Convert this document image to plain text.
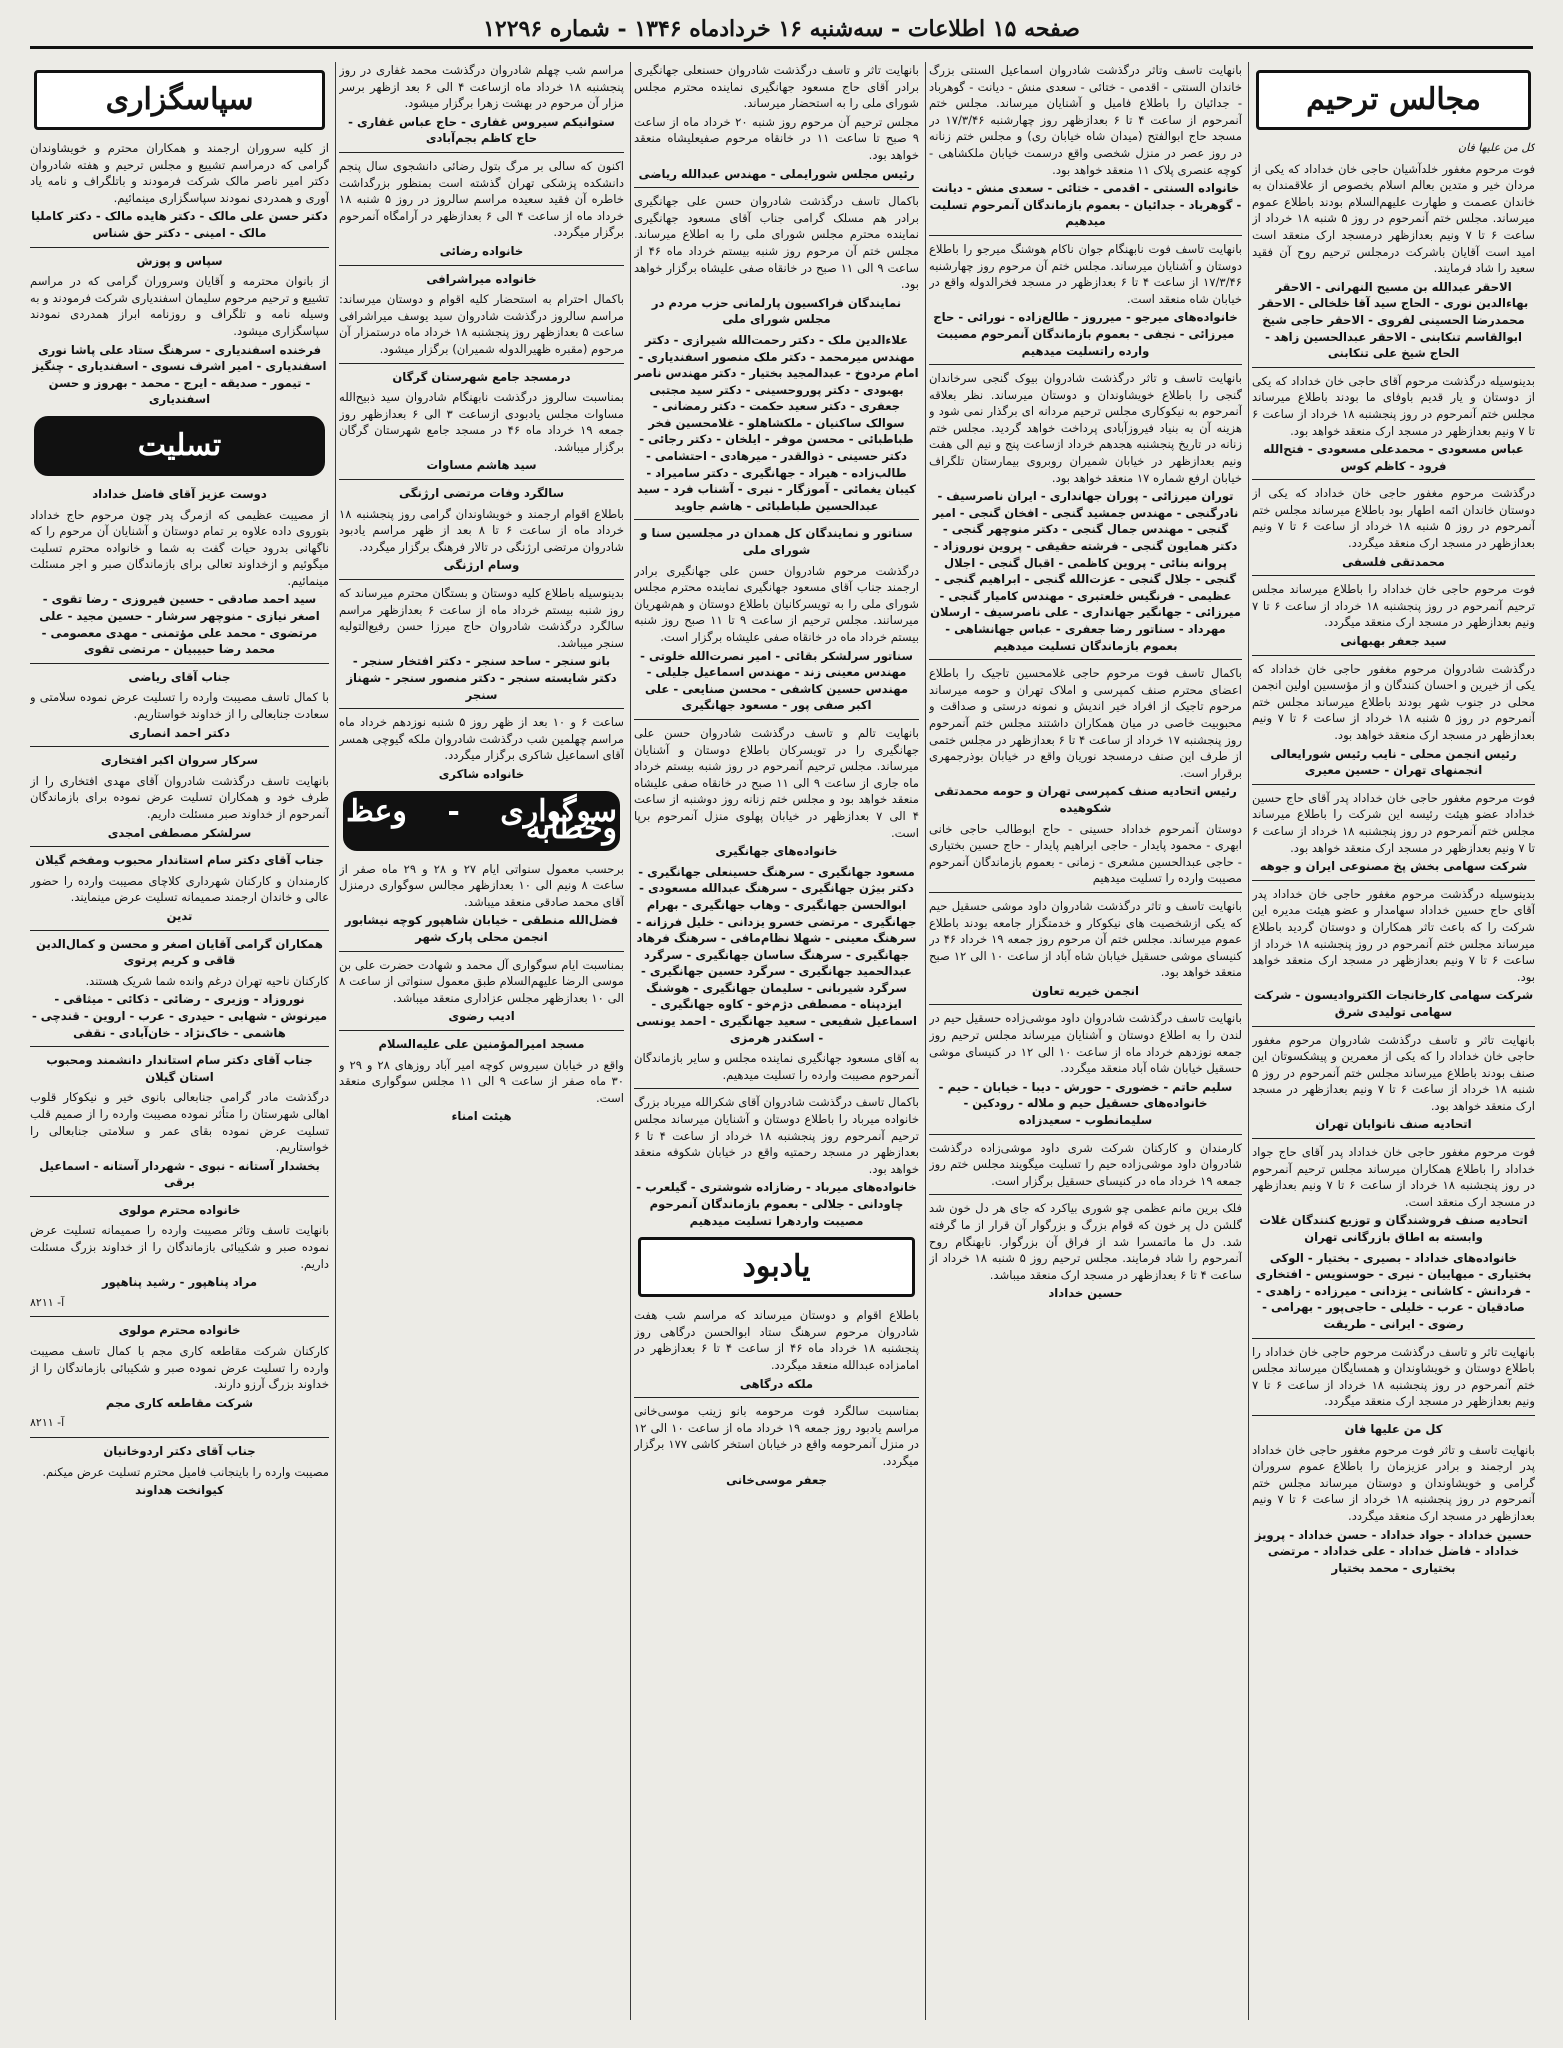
صفحه ۱۵ اطلاعات - سه‌شنبه ۱۶ خردادماه ۱۳۴۶ - شماره ۱۲۲۹۶
مجالس ترحیم
کل من علیها فان
فوت مرحوم مغفور خلدآشیان حاجی خان خداداد که یکی از مردان خیر و متدین بعالم اسلام بخصوص از علاقمندان به خاندان عصمت و طهارت علیهم‌السلام بودند باطلاع عموم میرساند. مجلس ختم آنمرحوم در روز ۵ شنبه ۱۸ خرداد از ساعت ۶ تا ۷ ونیم بعدازظهر درمسجد ارک منعقد است امید است آقایان باشرکت درمجلس ترحیم روح آن فقید سعید را شاد فرمایند.
الاحقر عبدالله بن مسیح النهرانی - الاحقر بهاءالدین نوری - الحاج سید آقا خلخالی - الاحقر محمدرضا الحسینی لفروی - الاحقر حاجی شیخ ابوالقاسم تنکابنی - الاحقر عبدالحسین زاهد - الحاج شیخ علی تنکابنی
بدینوسیله درگذشت مرحوم آقای حاجی خان خداداد که یکی از دوستان و یار قدیم باوفای ما بودند باطلاع میرساند مجلس ختم آنمرحوم در روز پنجشنبه ۱۸ خرداد از ساعت ۶ تا ۷ ونیم بعدازظهر در مسجد ارک منعقد خواهد بود.
عباس مسعودی - محمدعلی مسعودی - فتح‌الله فرود - کاظم کوس
درگذشت مرحوم مغفور حاجی خان خداداد که یکی از دوستان خاندان ائمه اطهار بود باطلاع میرساند مجلس ختم آنمرحوم در روز ۵ شنبه ۱۸ خرداد از ساعت ۶ تا ۷ ونیم بعدازظهر در مسجد ارک منعقد میگردد.
محمدتقی فلسفی
فوت مرحوم حاجی خان خداداد را باطلاع میرساند مجلس ترحیم آنمرحوم در روز پنجشنبه ۱۸ خرداد از ساعت ۶ تا ۷ ونیم بعدازظهر در مسجد ارک منعقد میگردد.
سید جعفر بهبهانی
درگذشت شادروان مرحوم مغفور حاجی خان خداداد که یکی از خیرین و احسان کنندگان و از مؤسسین اولین انجمن محلی در جنوب شهر بودند باطلاع میرساند مجلس ختم آنمرحوم در روز ۵ شنبه ۱۸ خرداد از ساعت ۶ تا ۷ ونیم بعدازظهر در مسجد ارک منعقد خواهد بود.
رئیس انجمن محلی - نایب رئیس شورایعالی انجمنهای تهران - حسین معیری
فوت مرحوم مغفور حاجی خان خداداد پدر آقای حاج حسین خداداد عضو هیئت رئیسه این شرکت را باطلاع میرساند مجلس ختم آنمرحوم در روز پنجشنبه ۱۸ خرداد از ساعت ۶ تا ۷ ونیم بعدازظهر در مسجد ارک منعقد خواهد بود.
شرکت سهامی بخش پخ مصنوعی ایران و جوهه
بدینوسیله درگذشت مرحوم مغفور حاجی خان خداداد پدر آقای حاج حسین خداداد سهامدار و عضو هیئت مدیره این شرکت را که باعث تاثر همکاران و دوستان گردید باطلاع میرساند مجلس ختم آنمرحوم در روز پنجشنبه ۱۸ خرداد از ساعت ۶ تا ۷ ونیم بعدازظهر در مسجد ارک منعقد خواهد بود.
شرکت سهامی کارخانجات الکتروادیسون - شرکت سهامی تولیدی شرق
بانهایت تاثر و تاسف درگذشت شادروان مرحوم مغفور حاجی خان خداداد را که یکی از معمرین و پیشکسوتان این صنف بودند باطلاع میرساند مجلس ختم آنمرحوم در روز ۵ شنبه ۱۸ خرداد از ساعت ۶ تا ۷ ونیم بعدازظهر در مسجد ارک منعقد خواهد بود.
اتحادیه صنف نانوایان تهران
فوت مرحوم مغفور حاجی خان خداداد پدر آقای حاج جواد خداداد را باطلاع همکاران میرساند مجلس ترحیم آنمرحوم در روز پنجشنبه ۱۸ خرداد از ساعت ۶ تا ۷ ونیم بعدازظهر در مسجد ارک منعقد است.
اتحادیه صنف فروشندگان و توزیع کنندگان غلات وابسته به اطاق بازرگانی تهران
خانواده‌های خداداد - بصیری - بختیار - الوکی بختیاری - میهاییان - نیری - حوسنویس - افتخاری - فردانش - کاشانی - یزدانی - میرزاده - زاهدی - صادقیان - عرب - خلیلی - حاجی‌پور - بهرامی - رضوی - ایرانی - طریقت
بانهایت تاثر و تاسف درگذشت مرحوم حاجی خان خداداد را باطلاع دوستان و خویشاوندان و همسایگان میرساند مجلس ختم آنمرحوم در روز پنجشنبه ۱۸ خرداد از ساعت ۶ تا ۷ ونیم بعدازظهر در مسجد ارک منعقد میگردد.
کل من علیها فان
بانهایت تاسف و تاثر فوت مرحوم مغفور حاجی خان خداداد پدر ارجمند و برادر عزیزمان را باطلاع عموم سروران گرامی و خویشاوندان و دوستان میرساند مجلس ختم آنمرحوم در روز پنجشنبه ۱۸ خرداد از ساعت ۶ تا ۷ ونیم بعدازظهر در مسجد ارک منعقد میگردد.
حسین خداداد - جواد خداداد - حسن خداداد - پرویز خداداد - فاضل خداداد - علی خداداد - مرتضی بختیاری - محمد بختیار
بانهایت تاسف وتاثر درگذشت شادروان اسماعیل السنتی بزرگ خاندان السنتی - اقدمی - ختائی - سعدی منش - دیانت - گوهرباد - جدائیان را باطلاع فامیل و آشنایان میرساند. مجلس ختم آنمرحوم از ساعت ۴ تا ۶ بعدازظهر روز چهارشنبه ۱۷/۳/۴۶ در مسجد حاج ابوالفتح (میدان شاه خیابان ری) و مجلس ختم زنانه در روز عصر در منزل شخصی واقع درسمت خیابان ملکشاهی - کوچه عنصری پلاک ۱۱ منعقد خواهد بود.
خانواده السنتی - اقدمی - ختائی - سعدی منش - دیانت - گوهرباد - جدائیان - بعموم بازماندگان آنمرحوم تسلیت میدهیم
بانهایت تاسف فوت نابهنگام جوان ناکام هوشنگ میرجو را باطلاع دوستان و آشنایان میرساند. مجلس ختم آن مرحوم روز چهارشنبه ۱۷/۳/۴۶ از ساعت ۴ تا ۶ بعدازظهر در مسجد فخرالدوله واقع در خیابان شاه منعقد است.
خانواده‌های میرجو - میرروز - طالع‌زاده - نورائی - حاج میرزائی - نجفی - بعموم بازماندگان آنمرحوم مصیبت وارده راتسلیت میدهیم
بانهایت تاسف و تاثر درگذشت شادروان بیوک گنجی سرخاندان گنجی را باطلاع خویشاوندان و دوستان میرساند. نظر بعلاقه آنمرحوم به نیکوکاری مجلس ترحیم مردانه ای برگذار نمی شود و هزینه آن به بنیاد فیروزآبادی پرداخت خواهد گردید. مجلس ختم زنانه در تاریخ پنجشنبه هجدهم خرداد ازساعت پنج و نیم الی هفت ونیم بعدازظهر در خیابان شمیران روبروی بیمارستان تلگراف خیابان ارفع شماره ۱۷ منعقد خواهد بود.
توران میرزائی - پوران جهانداری - ایران ناصرسیف - نادرگنجی - مهندس جمشید گنجی - افخان گنجی - امیر گنجی - مهندس جمال گنجی - دکتر منوچهر گنجی - دکتر همایون گنجی - فرشته حقیقی - پروین نوروزاد - پروانه بنائی - پروین کاظمی - اقبال گنجی - اجلال گنجی - جلال گنجی - عزت‌الله گنجی - ابراهیم گنجی - عظیمی - فرنگیس خلعتبری - مهندس کامیار گنجی - میرزائی - جهانگیر جهانداری - علی ناصرسیف - ارسلان مهرداد - سناتور رضا جعفری - عباس جهانشاهی - بعموم بازماندگان تسلیت میدهیم
باکمال تاسف فوت مرحوم حاجی غلامحسین تاجیک را باطلاع اعضای محترم صنف کمپرسی و املاک تهران و حومه میرساند مرحوم تاجیک از افراد خیر اندیش و نمونه درستی و صداقت و محبوبیت خاصی در میان همکاران داشتند مجلس ختم آنمرحوم روز پنجشنبه ۱۷ خرداد از ساعت ۴ تا ۶ بعدازظهر در مجلس ختمی از طرف این صنف درمسجد نوریان واقع در خیابان بوذرجمهری برقرار است.
رئیس اتحادیه صنف کمپرسی تهران و حومه محمدتقی شکوهیده
دوستان آنمرحوم خداداد حسینی - حاج ابوطالب حاجی خانی ابهری - محمود پایدار - حاجی ابراهیم پایدار - حاج حسین بختیاری - حاجی عبدالحسین مشعری - زمانی - بعموم بازماندگان آنمرحوم مصیبت وارده را تسلیت میدهیم
بانهایت تاسف و تاثر درگذشت شادروان داود موشی حسقیل حیم که یکی ازشخصیت های نیکوکار و خدمتگزار جامعه بودند باطلاع عموم میرساند. مجلس ختم آن مرحوم روز جمعه ۱۹ خرداد ۴۶ در کنیسای موشی حسقیل خیابان شاه آباد از ساعت ۱۰ الی ۱۲ صبح منعقد خواهد بود.
انجمن خیریه تعاون
بانهایت تاسف درگذشت شادروان داود موشی‌زاده حسقیل حیم در لندن را به اطلاع دوستان و آشنایان میرساند مجلس ترحیم روز جمعه نوزدهم خرداد ماه از ساعت ۱۰ الی ۱۲ در کنیسای موشی حسقیل خیابان شاه آباد منعقد میگردد.
سلیم حاتم - خضوری - حورش - دیبا - خیابان - حیم - خانواده‌های حسقیل حیم و ملاله - رودکین - سلیمانطوب - سعیدزاده
کارمندان و کارکنان شرکت شری داود موشی‌زاده درگذشت شادروان داود موشی‌زاده حیم را تسلیت میگویند مجلس ختم روز جمعه ۱۹ خرداد ماه در کنیسای حسقیل برگزار است.
فلک برین مانم عظمی چو شوری بیاکرد که جای هر دل خون شد گلشن دل پر خون که قوام بزرگ و بزرگوار آن قرار از ما گرفته شد. دل ما ماتمسرا شد از فراق آن بزرگوار. نابهنگام روح آنمرحوم را شاد فرمایند. مجلس ترحیم روز ۵ شنبه ۱۸ خرداد از ساعت ۴ تا ۶ بعدازظهر در مسجد ارک منعقد میباشد.
حسین خداداد
بانهایت تاثر و تاسف درگذشت شادروان حسنعلی جهانگیری برادر آقای حاج مسعود جهانگیری نماینده محترم مجلس شورای ملی را به استحضار میرساند.
مجلس ترحیم آن مرحوم روز شنبه ۲۰ خرداد ماه از ساعت ۹ صبح تا ساعت ۱۱ در خانقاه مرحوم صفیعلیشاه منعقد خواهد بود.
رئیس مجلس شورایملی - مهندس عبدالله ریاضی
باکمال تاسف درگذشت شادروان حسن علی جهانگیری برادر هم مسلک گرامی جناب آقای مسعود جهانگیری نماینده محترم مجلس شورای ملی را به اطلاع میرساند. مجلس ختم آن مرحوم روز شنبه بیستم خرداد ماه ۴۶ از ساعت ۹ الی ۱۱ صبح در خانقاه صفی علیشاه برگزار خواهد بود.
نمایندگان فراکسیون پارلمانی حزب مردم در مجلس شورای ملی
علاءالدین ملک - دکتر رحمت‌الله شیرازی - دکتر مهندس میرمحمد - دکتر ملک منصور اسفندیاری - امام مردوخ - عبدالمجید بختیار - دکتر مهندس ناصر بهبودی - دکتر پوروحسینی - دکتر سید مجتبی جعفری - دکتر سعید حکمت - دکتر رمضانی - سوالک ساکنیان - ملکشاهلو - غلامحسین فخر طباطبائی - محسن موفر - ایلخان - دکتر رجائی - دکتر حسینی - ذوالقدر - میرهادی - احتشامی - طالب‌زاده - هیراد - جهانگیری - دکتر سامیراد - کیبان یغمائی - آموزگار - نیری - آشناب فرد - سید عبدالحسین طباطبائی - هاشم جاوید
سناتور و نمایندگان کل همدان در مجلسین سنا و شورای ملی
درگذشت مرحوم شادروان حسن علی جهانگیری برادر ارجمند جناب آقای مسعود جهانگیری نماینده محترم مجلس شورای ملی را به تویسرکانیان باطلاع دوستان و هم‌شهریان میرسانند. مجلس ترحیم از ساعت ۹ تا ۱۱ صبح روز شنبه بیستم خرداد ماه در خانقاه صفی علیشاه برگزار است.
سناتور سرلشکر بقائی - امیر نصرت‌الله خلوتی - مهندس معینی زند - مهندس اسماعیل جلیلی - مهندس حسین کاشفی - محسن صنایعی - علی اکبر صفی پور - مسعود جهانگیری
بانهایت تالم و تاسف درگذشت شادروان حسن علی جهانگیری را در تویسرکان باطلاع دوستان و آشنایان میرساند. مجلس ترحیم آنمرحوم در روز شنبه بیستم خرداد ماه جاری از ساعت ۹ الی ۱۱ صبح در خانقاه صفی علیشاه منعقد خواهد بود و مجلس ختم زنانه روز دوشنبه از ساعت ۴ الی ۷ بعدازظهر در خیابان پهلوی منزل آنمرحوم برپا است.
خانواده‌های جهانگیری
مسعود جهانگیری - سرهنگ حسینعلی جهانگیری - دکتر بیژن جهانگیری - سرهنگ عبدالله مسعودی - ابوالحسن جهانگیری - وهاب جهانگیری - بهرام جهانگیری - مرتضی خسرو یزدانی - خلیل فرزانه - سرهنگ معینی - شهلا نظام‌مافی - سرهنگ فرهاد جهانگیری - سرهنگ ساسان جهانگیری - سرگرد عبدالحمید جهانگیری - سرگرد حسین جهانگیری - سرگرد شیربانی - سلیمان جهانگیری - هوشنگ ایزدپناه - مصطفی دژم‌خو - کاوه جهانگیری - اسماعیل شفیعی - سعید جهانگیری - احمد یونسی - اسکندر هرمزی
به آقای مسعود جهانگیری نماینده مجلس و سایر بازماندگان آنمرحوم مصیبت وارده را تسلیت میدهیم.
باکمال تاسف درگذشت شادروان آقای شکرالله میرباد بزرگ خانواده میرباد را باطلاع دوستان و آشنایان میرساند مجلس ترحیم آنمرحوم روز پنجشنبه ۱۸ خرداد از ساعت ۴ تا ۶ بعدازظهر در مسجد رحمتیه واقع در خیابان شکوفه منعقد خواهد بود.
خانواده‌های میرباد - رضازاده شوشتری - گیلعرب - چاودانی - جلالی - بعموم بازماندگان آنمرحوم مصیبت واردهرا تسلیت میدهیم
یادبود
باطلاع اقوام و دوستان میرساند که مراسم شب هفت شادروان مرحوم سرهنگ ستاد ابوالحسن درگاهی روز پنجشنبه ۱۸ خرداد ماه ۴۶ از ساعت ۴ تا ۶ بعدازظهر در امامزاده عبدالله منعقد میگردد.
ملکه درگاهی
بمناسبت سالگرد فوت مرحومه بانو زینب موسی‌خانی مراسم یادبود روز جمعه ۱۹ خرداد ماه از ساعت ۱۰ الی ۱۲ در منزل آنمرحومه واقع در خیابان استخر کاشی ۱۷۷ برگزار میگردد.
جعفر موسی‌خانی
مراسم شب چهلم شادروان درگذشت محمد غفاری در روز پنجشنبه ۱۸ خرداد ماه ازساعت ۴ الی ۶ بعد ازظهر برسر مزار آن مرحوم در بهشت زهرا برگزار میشود.
ستوانیکم سیروس غفاری - حاج عباس غفاری - حاج کاظم بجم‌آبادی
اکنون که سالی بر مرگ بتول رضائی دانشجوی سال پنجم دانشکده پزشکی تهران گذشته است بمنظور بزرگداشت خاطره آن فقید سعیده مراسم سالروز در روز ۵ شنبه ۱۸ خرداد ماه از ساعت ۴ الی ۶ بعدازظهر در آرامگاه آنمرحوم برگزار میگردد.
خانواده رضائی
خانواده میراشرافی
باکمال احترام به استحضار کلیه اقوام و دوستان میرساند: مراسم سالروز درگذشت شادروان سید یوسف میراشرافی ساعت ۵ بعدازظهر روز پنجشنبه ۱۸ خرداد ماه درستمزار آن مرحوم (مقبره ظهیرالدوله شمیران) برگزار میشود.
درمسجد جامع شهرستان گرگان
بمناسبت سالروز درگذشت نابهنگام شادروان سید ذبیح‌الله مساوات مجلس یادبودی ازساعت ۳ الی ۶ بعدازظهر روز جمعه ۱۹ خرداد ماه ۴۶ در مسجد جامع شهرستان گرگان برگزار میباشد.
سید هاشم مساوات
سالگرد وفات مرتضی ارژنگی
باطلاع اقوام ارجمند و خویشاوندان گرامی روز پنجشنبه ۱۸ خرداد ماه از ساعت ۶ تا ۸ بعد از ظهر مراسم یادبود شادروان مرتضی ارژنگی در تالار فرهنگ برگزار میگردد.
وسام ارژنگی
بدینوسیله باطلاع کلیه دوستان و بستگان محترم میرساند که روز شنبه بیستم خرداد ماه از ساعت ۶ بعدازظهر مراسم سالگرد درگذشت شادروان حاج میرزا حسن رفیع‌التولیه سنجر میباشد.
بانو سنجر - ساحد سنجر - دکتر افتخار سنجر - دکتر شایسته سنجر - دکتر منصور سنجر - شهناز سنجر
ساعت ۶ و ۱۰ بعد از ظهر روز ۵ شنبه نوزدهم خرداد ماه مراسم چهلمین شب درگذشت شادروان ملکه گیوچی همسر آقای اسماعیل شاکری برگزار میگردد.
خانواده شاکری
سوگواری - وعظ وخطابه
برحسب معمول سنواتی ایام ۲۷ و ۲۸ و ۲۹ ماه صفر از ساعت ۸ ونیم الی ۱۰ بعدازظهر مجالس سوگواری درمنزل آقای محمد صادقی منعقد میباشد.
فضل‌الله منطقی - خیابان شاهپور کوچه نیشابور انجمن محلی پارک شهر
بمناسبت ایام سوگواری آل محمد و شهادت حضرت علی بن موسی الرضا علیهم‌السلام طبق معمول سنواتی از ساعت ۸ الی ۱۰ بعدازظهر مجلس عزاداری منعقد میباشد.
ادیب رضوی
مسجد امیرالمؤمنین علی علیه‌السلام
واقع در خیابان سیروس کوچه امیر آباد روزهای ۲۸ و ۲۹ و ۳۰ ماه صفر از ساعت ۹ الی ۱۱ مجلس سوگواری منعقد است.
هیئت امناء
سپاسگزاری
از کلیه سروران ارجمند و همکاران محترم و خویشاوندان گرامی که درمراسم تشییع و مجلس ترحیم و هفته شادروان دکتر امیر ناصر مالک شرکت فرمودند و باتلگراف و نامه یاد آوری و همدردی نمودند سپاسگزاری مینمائیم.
دکتر حسن علی مالک - دکتر هایده مالک - دکتر کاملیا مالک - امینی - دکتر حق شناس
سپاس و پوزش
از بانوان محترمه و آقایان وسروران گرامی که در مراسم تشییع و ترحیم مرحوم سلیمان اسفندیاری شرکت فرمودند و به وسیله نامه و تلگراف و روزنامه ابراز همدردی نمودند سپاسگزاری میشود.
فرخنده اسفندیاری - سرهنگ ستاد علی پاشا نوری اسفندیاری - امیر اشرف نسوی - اسفندیاری - چنگیز - تیمور - صدیقه - ایرج - محمد - بهروز و حسن اسفندیاری
تسلیت
دوست عزیز آقای فاضل خداداد
از مصیبت عظیمی که ازمرگ پدر چون مرحوم حاج خداداد بتوروی داده علاوه بر تمام دوستان و آشنایان آن مرحوم را که ناگهانی بدرود حیات گفت به شما و خانواده محترم تسلیت میگوئیم و ازخداوند تعالی برای بازماندگان صبر و اجر مسئلت مینمائیم.
سید احمد صادقی - حسین فیروزی - رضا تقوی - اصغر نیازی - منوچهر سرشار - حسین مجید - علی مرتضوی - محمد علی مؤتمنی - مهدی معصومی - محمد رضا حبیبیان - مرتضی تقوی
جناب آقای ریاضی
با کمال تاسف مصیبت وارده را تسلیت عرض نموده سلامتی و سعادت جنابعالی را از خداوند خواستاریم.
دکتر احمد انصاری
سرکار سروان اکبر افتخاری
بانهایت تاسف درگذشت شادروان آقای مهدی افتخاری را از طرف خود و همکاران تسلیت عرض نموده برای بازماندگان آنمرحوم از خداوند صبر مسئلت داریم.
سرلشکر مصطفی امجدی
جناب آقای دکتر سام استاندار محبوب ومفخم گیلان
کارمندان و کارکنان شهرداری کلاچای مصیبت وارده را حضور عالی و خاندان ارجمند صمیمانه تسلیت عرض مینمایند.
تدین
همکاران گرامی آقایان اصغر و محسن و کمال‌الدین قاقی و کریم پرتوی
کارکنان ناحیه تهران درغم وانده شما شریک هستند.
نوروزاد - وزیری - رضائی - ذکائی - میثاقی - میرنوش - شهابی - حیدری - عرب - اروین - قندچی - هاشمی - خاک‌نژاد - خان‌آبادی - نقفی
جناب آقای دکتر سام استاندار دانشمند ومحبوب استان گیلان
درگذشت مادر گرامی جنابعالی بانوی خیر و نیکوکار قلوب اهالی شهرستان را متأثر نموده مصیبت وارده را از صمیم قلب تسلیت عرض نموده بقای عمر و سلامتی جنابعالی را خواستاریم.
بخشدار آستانه - نبوی - شهردار آستانه - اسماعیل برقی
خانواده محترم مولوی
بانهایت تاسف وتاثر مصیبت وارده را صمیمانه تسلیت عرض نموده صبر و شکیبائی بازماندگان را از خداوند بزرگ مسئلت داریم.
مراد پناهپور - رشید پناهپور
آ- ۸۲۱۱
خانواده محترم مولوی
کارکنان شرکت مقاطعه کاری مجم با کمال تاسف مصیبت وارده را تسلیت عرض نموده صبر و شکیبائی بازماندگان را از خداوند بزرگ آرزو دارند.
شرکت مقاطعه کاری مجم
آ- ۸۲۱۱
جناب آقای دکتر اردوخانیان
مصیبت وارده را باینجانب فامیل محترم تسلیت عرض میکنم.
کیوانخت هداوند
